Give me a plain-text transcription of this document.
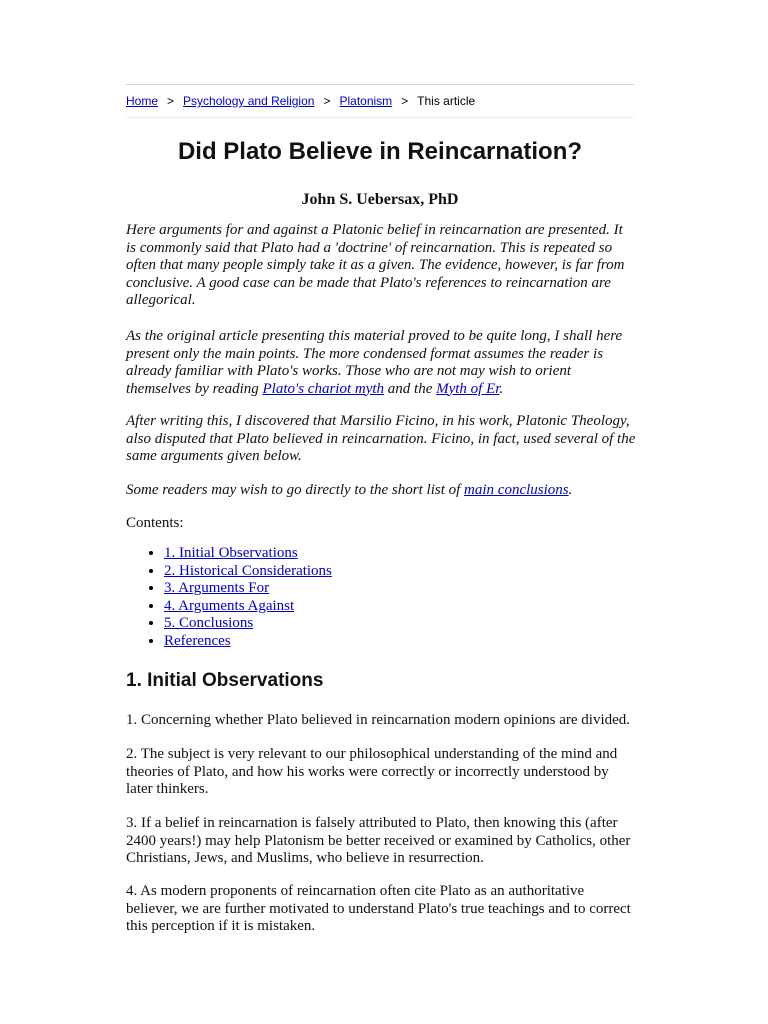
Home > Psychology and Religion > Platonism > This article
Did Plato Believe in Reincarnation?
John S. Uebersax, PhD

Here arguments for and against a Platonic belief in reincarnation are presented. It is commonly said that Plato had a 'doctrine' of reincarnation. This is repeated so often that many people simply take it as a given. The evidence, however, is far from conclusive. A good case can be made that Plato's references to reincarnation are allegorical.

As the original article presenting this material proved to be quite long, I shall here present only the main points. The more condensed format assumes the reader is already familiar with Plato's works. Those who are not may wish to orient themselves by reading Plato's chariot myth and the Myth of Er.

After writing this, I discovered that Marsilio Ficino, in his work, Platonic Theology, also disputed that Plato believed in reincarnation. Ficino, in fact, used several of the same arguments given below.

Some readers may wish to go directly to the short list of main conclusions.

Contents:

• 1. Initial Observations
• 2. Historical Considerations
• 3. Arguments For
• 4. Arguments Against
• 5. Conclusions
• References
1. Initial Observations

1. Concerning whether Plato believed in reincarnation modern opinions are divided.

2. The subject is very relevant to our philosophical understanding of the mind and theories of Plato, and how his works were correctly or incorrectly understood by later thinkers.

3. If a belief in reincarnation is falsely attributed to Plato, then knowing this (after 2400 years!) may help Platonism be better received or examined by Catholics, other Christians, Jews, and Muslims, who believe in resurrection.

4. As modern proponents of reincarnation often cite Plato as an authoritative believer, we are further motivated to understand Plato's true teachings and to correct this perception if it is mistaken.
